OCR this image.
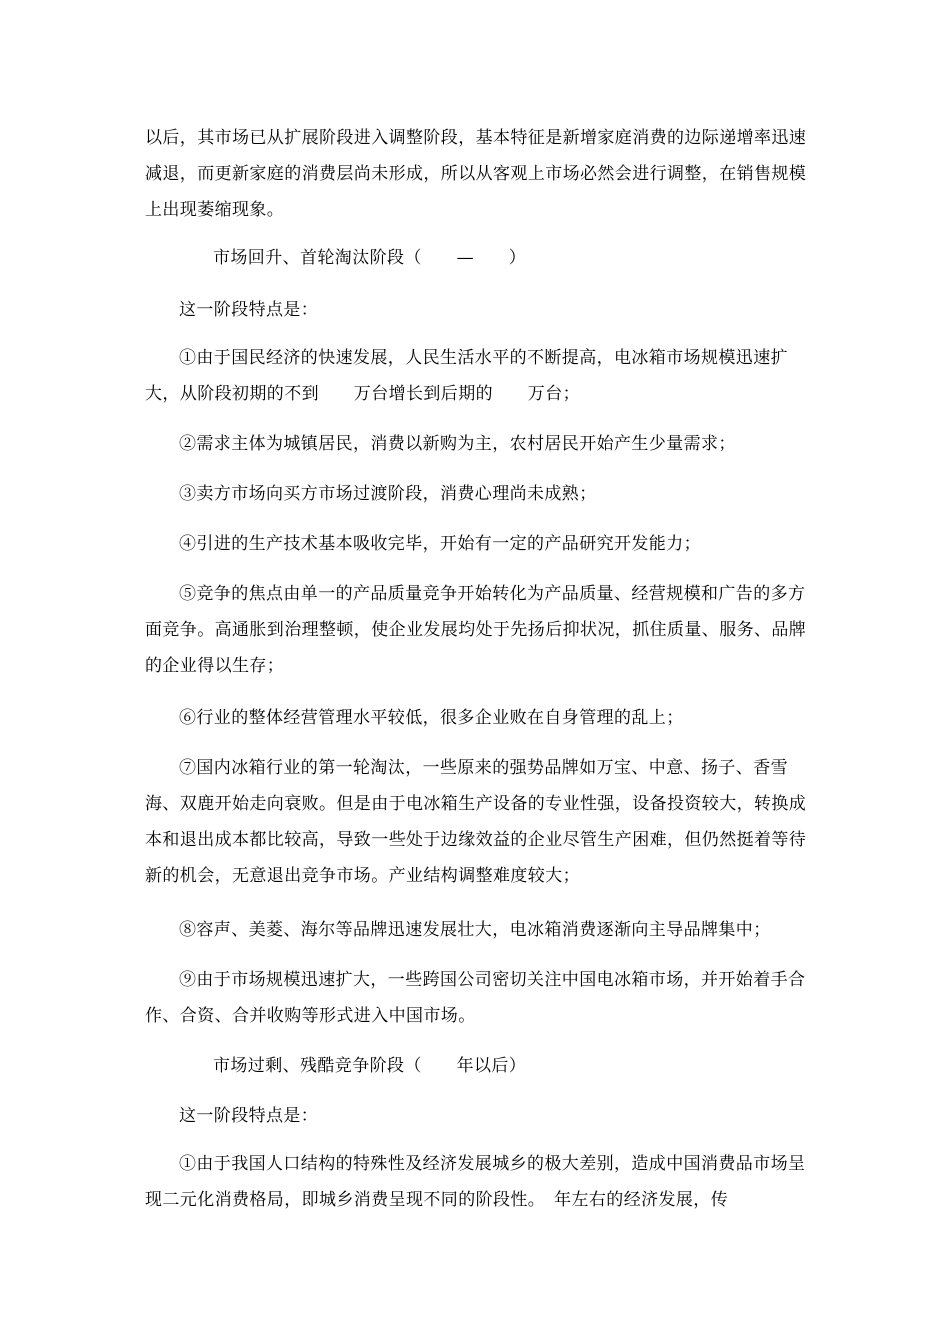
以后，其市场已从扩展阶段进入调整阶段，基本特征是新增家庭消费的边际递增率迅速减退，而更新家庭的消费层尚未形成，所以从客观上市场必然会进行调整，在销售规模上出现萎缩现象。

市场回升、首轮淘汰阶段（　　—　　）

这一阶段特点是：

①由于国民经济的快速发展，人民生活水平的不断提高，电冰箱市场规模迅速扩大，从阶段初期的不到　　万台增长到后期的　　万台；

②需求主体为城镇居民，消费以新购为主，农村居民开始产生少量需求；

③卖方市场向买方市场过渡阶段，消费心理尚未成熟；

④引进的生产技术基本吸收完毕，开始有一定的产品研究开发能力；

⑤竞争的焦点由单一的产品质量竞争开始转化为产品质量、经营规模和广告的多方面竞争。高通胀到治理整顿，使企业发展均处于先扬后抑状况，抓住质量、服务、品牌的企业得以生存；

⑥行业的整体经营管理水平较低，很多企业败在自身管理的乱上；

⑦国内冰箱行业的第一轮淘汰，一些原来的强势品牌如万宝、中意、扬子、香雪海、双鹿开始走向衰败。但是由于电冰箱生产设备的专业性强，设备投资较大，转换成本和退出成本都比较高，导致一些处于边缘效益的企业尽管生产困难，但仍然挺着等待新的机会，无意退出竞争市场。产业结构调整难度较大；

⑧容声、美菱、海尔等品牌迅速发展壮大，电冰箱消费逐渐向主导品牌集中；

⑨由于市场规模迅速扩大，一些跨国公司密切关注中国电冰箱市场，并开始着手合作、合资、合并收购等形式进入中国市场。

市场过剩、残酷竞争阶段（　　年以后）

这一阶段特点是：

①由于我国人口结构的特殊性及经济发展城乡的极大差别，造成中国消费品市场呈现二元化消费格局，即城乡消费呈现不同的阶段性。　年左右的经济发展，传
